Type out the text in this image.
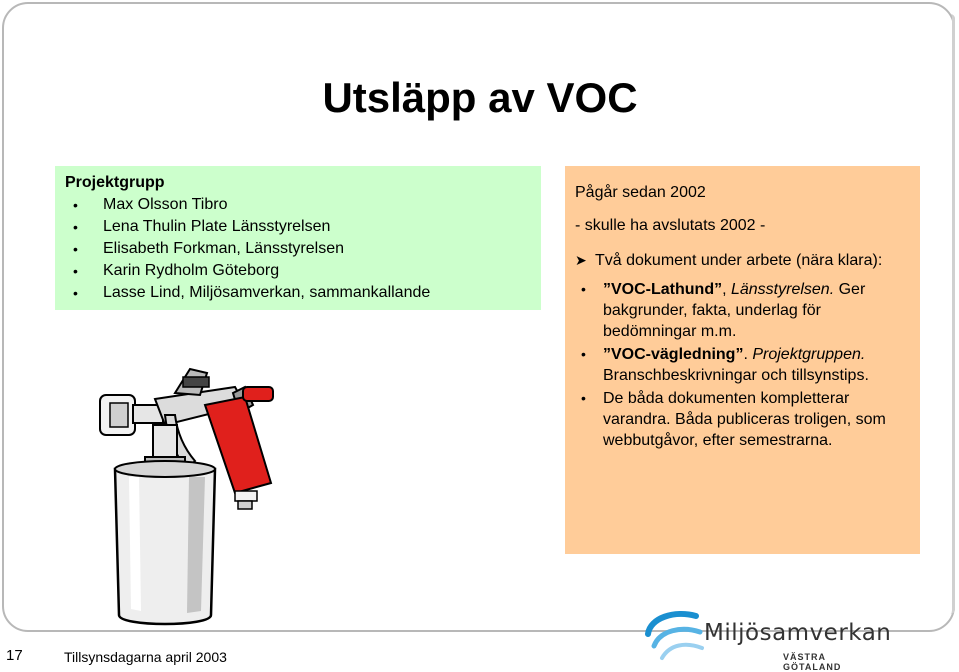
Utsläpp av VOC
Projektgrupp
• Max Olsson Tibro
• Lena Thulin Plate Länsstyrelsen
• Elisabeth Forkman, Länsstyrelsen
• Karin Rydholm Göteborg
• Lasse Lind, Miljösamverkan, sammankallande

Pågår sedan 2002

- skulle ha avslutats 2002 -

➤ Två dokument under arbete (nära klara):

• ”VOC-Lathund”, Länsstyrelsen. Ger bakgrunder, fakta, underlag för bedömningar m.m.
• ”VOC-vägledning”. Projektgruppen. Branschbeskrivningar och tillsynstips.
• De båda dokumenten kompletterar varandra. Båda publiceras troligen, som webbutgåvor, efter semestrarna.
17	Tillsynsdagarna april 2003
Miljösamverkan
VÄSTRA GÖTALAND
